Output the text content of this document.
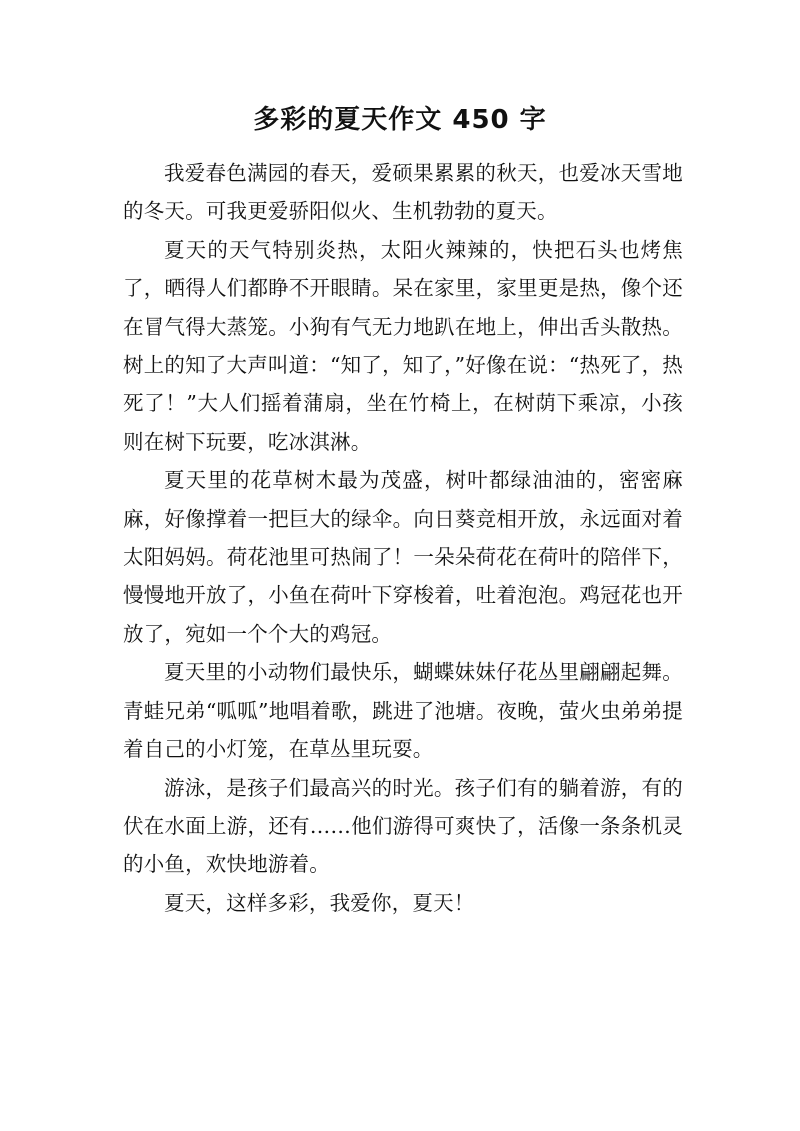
多彩的夏天作文 450 字

我爱春色满园的春天，爱硕果累累的秋天，也爱冰天雪地的冬天。可我更爱骄阳似火、生机勃勃的夏天。

夏天的天气特别炎热，太阳火辣辣的，快把石头也烤焦了，晒得人们都睁不开眼睛。呆在家里，家里更是热，像个还在冒气得大蒸笼。小狗有气无力地趴在地上，伸出舌头散热。树上的知了大声叫道：“知了，知了，”好像在说：“热死了，热死了！”大人们摇着蒲扇，坐在竹椅上，在树荫下乘凉，小孩则在树下玩要，吃冰淇淋。

夏天里的花草树木最为茂盛，树叶都绿油油的，密密麻麻，好像撑着一把巨大的绿伞。向日葵竞相开放，永远面对着太阳妈妈。荷花池里可热闹了！一朵朵荷花在荷叶的陪伴下，慢慢地开放了，小鱼在荷叶下穿梭着，吐着泡泡。鸡冠花也开放了，宛如一个个大的鸡冠。

夏天里的小动物们最快乐，蝴蝶妹妹仔花丛里翩翩起舞。青蛙兄弟“呱呱”地唱着歌，跳进了池塘。夜晚，萤火虫弟弟提着自己的小灯笼，在草丛里玩耍。

游泳，是孩子们最高兴的时光。孩子们有的躺着游，有的伏在水面上游，还有……他们游得可爽快了，活像一条条机灵的小鱼，欢快地游着。

夏天，这样多彩，我爱你，夏天！
